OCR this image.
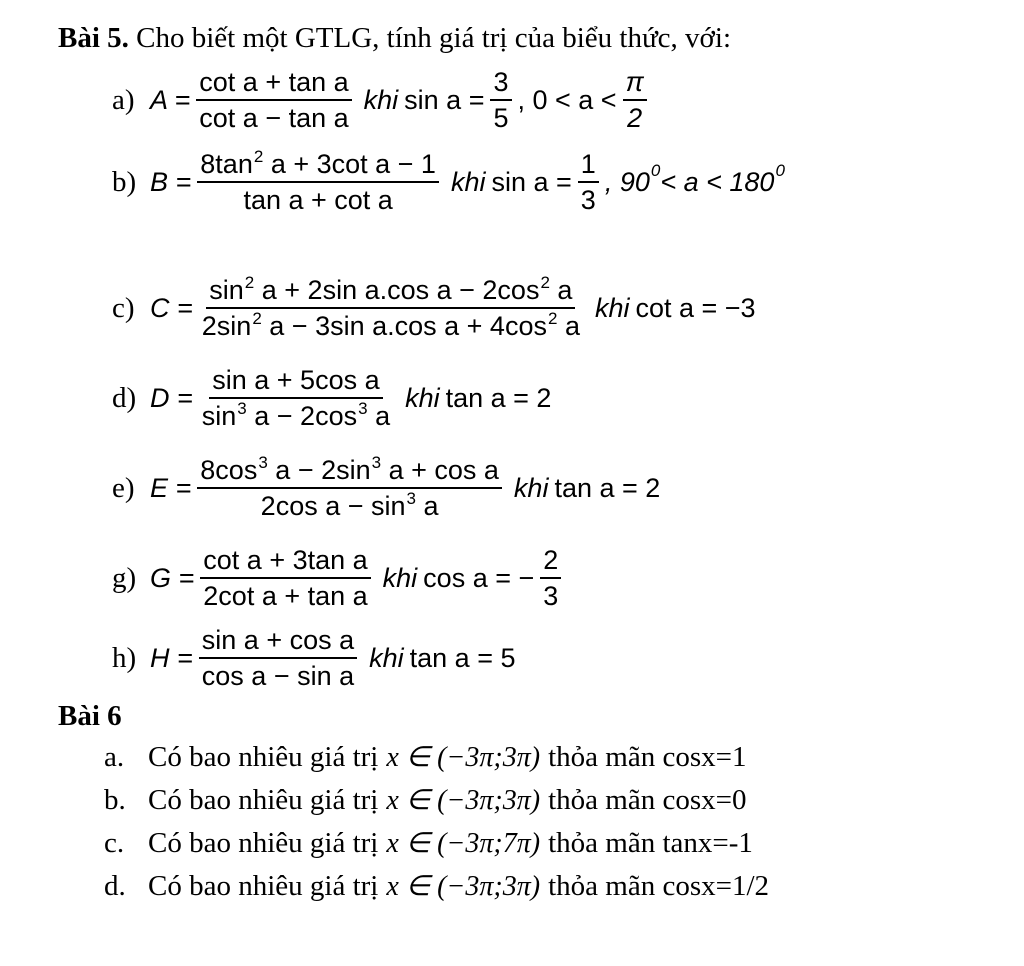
Bài 5. Cho biết một GTLG, tính giá trị của biểu thức, với:
a) $A = \frac{\text{cot a + tan a}}{\text{cot a − tan a}}$ khi $\sin a = \frac{3}{5}$ , $0 < a < \frac{\pi}{2}$
b) $B = \frac{8\tan^2 a + 3\cot a - 1}{\text{tan a + cot a}}$ khi $\sin a = \frac{1}{3}$ , 90 0 < a < 180 0
c) $C = \frac{\sin^2 a + 2\sin a.\cos a - 2\cos^2 a}{2\sin^2 a - 3\sin a.\cos a + 4\cos^2 a}$ khi cot a = −3
d) $D = \frac{\text{sin a + 5cos a}}{\sin^3 a - 2\cos^3 a}$ khi tan a = 2
e) $E = \frac{8\cos^3 a - 2\sin^3 a + \cos a}{2\cos a - \sin^3 a}$ khi tan a = 2
g) $G = \frac{\text{cot a + 3tan a}}{\text{2cot a + tan a}}$ khi cos a = − $\frac{2}{3}$
h) $H = \frac{\text{sin a + cos a}}{\text{cos a − sin a}}$ khi tan a = 5
Bài 6
a. Có bao nhiêu giá trị x ∈ (−3π;3π) thỏa mãn cosx=1
b. Có bao nhiêu giá trị x ∈ (−3π;3π) thỏa mãn cosx=0
c. Có bao nhiêu giá trị x ∈ (−3π;7π) thỏa mãn tanx=-1
d. Có bao nhiêu giá trị x ∈ (−3π;3π) thỏa mãn cosx=1/2
